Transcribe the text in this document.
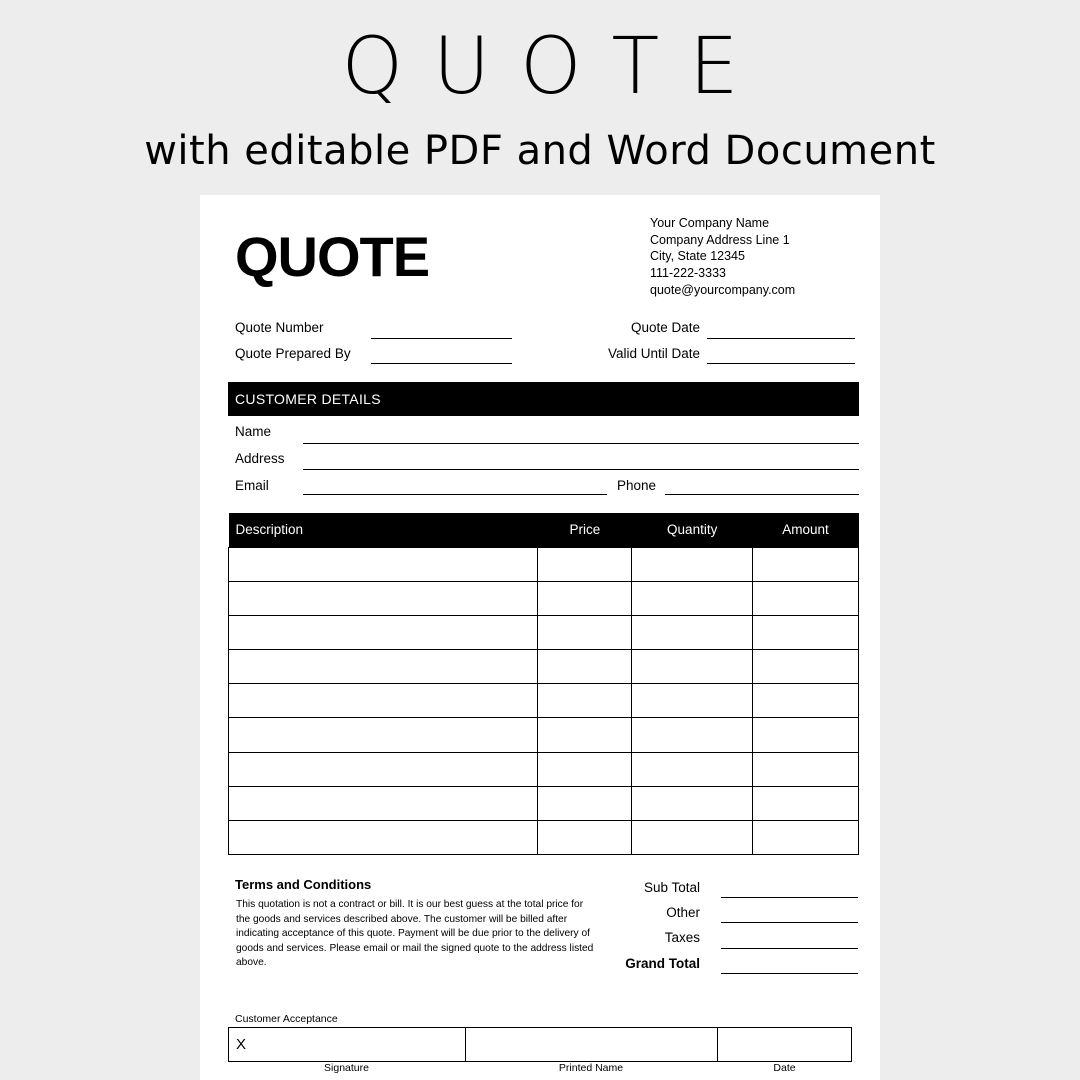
QUOTE
with editable PDF and Word Document
QUOTE
Your Company Name
Company Address Line 1
City, State 12345
111-222-3333
quote@yourcompany.com
Quote Number
Quote Prepared By
Quote Date
Valid Until Date
CUSTOMER DETAILS
Name
Address
Email	Phone
Description	Price	Quantity	Amount

Terms and Conditions
This quotation is not a contract or bill. It is our best guess at the total price for the goods and services described above. The customer will be billed after indicating acceptance of this quote. Payment will be due prior to the delivery of goods and services. Please email or mail the signed quote to the address listed above.
Sub Total
Other
Taxes
Grand Total
Customer Acceptance
X		
Signature	Printed Name	Date
